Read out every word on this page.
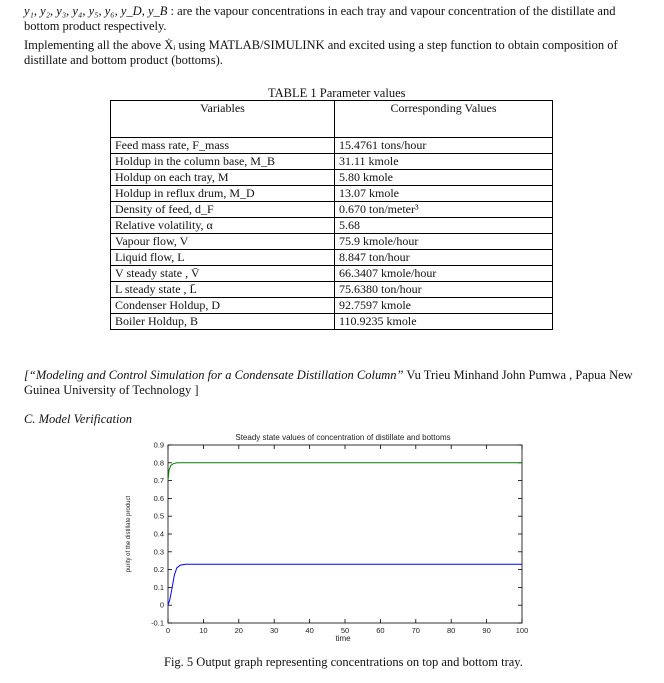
y₁, y₂, y₃, y₄, y₅, y₆, y_D, y_B : are the vapour concentrations in each tray and vapour concentration of the distillate and bottom product respectively.
Implementing all the above Ẋᵢ using MATLAB/SIMULINK and excited using a step function to obtain composition of distillate and bottom product (bottoms).
TABLE 1 Parameter values
Variables	Corresponding Values
Feed mass rate, F_mass	15.4761 tons/hour
Holdup in the column base, M_B	31.11 kmole
Holdup on each tray, M	5.80 kmole
Holdup in reflux drum, M_D	13.07 kmole
Density of feed, d_F	0.670 ton/meter³
Relative volatility, α	5.68
Vapour flow, V	75.9 kmole/hour
Liquid flow, L	8.847 ton/hour
V steady state , V̄	66.3407 kmole/hour
L steady state , L̄	75.6380 ton/hour
Condenser Holdup, D	92.7597 kmole
Boiler Holdup, B	110.9235 kmole
[“Modeling and Control Simulation for a Condensate Distillation Column” Vu Trieu Minhand John Pumwa , Papua New Guinea University of Technology ]
C. Model Verification
Steady state values of concentration of distillate and bottoms
-0.1
0
0.1
0.2
0.3
0.4
0.5
0.6
0.7
0.8
0.9
0	10	20	30	40	50	60	70	80	90	100
time
purity of the distillate product
Fig. 5 Output graph representing concentrations on top and bottom tray.
